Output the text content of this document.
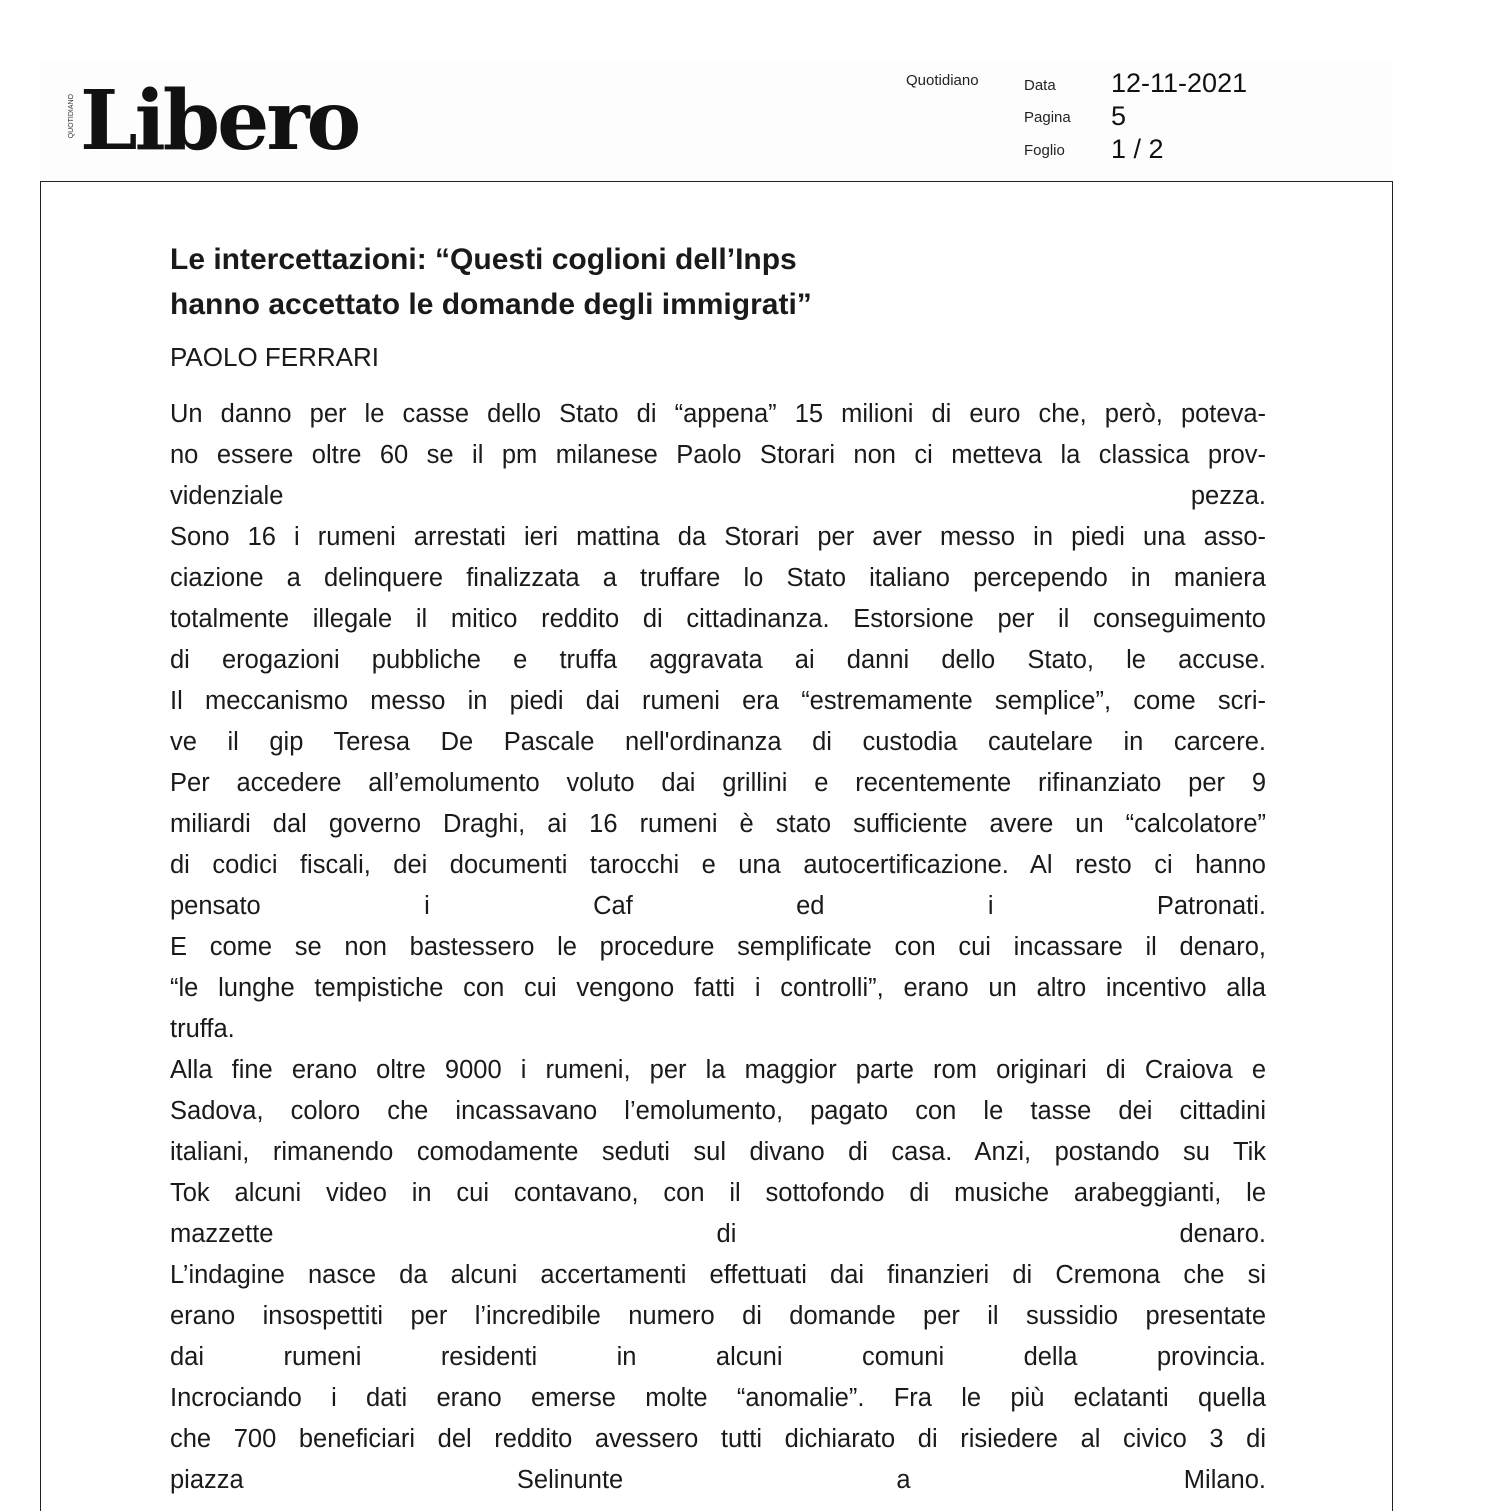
QUOTIDIANO Libero	Quotidiano	Data 12-11-2021
Pagina 5
Foglio 1 / 2
Le intercettazioni: “Questi coglioni dell’Inps
hanno accettato le domande degli immigrati”
PAOLO FERRARI
Un danno per le casse dello Stato di “appena” 15 milioni di euro che, però, poteva-
no essere oltre 60 se il pm milanese Paolo Storari non ci metteva la classica prov-
videnziale pezza.
Sono 16 i rumeni arrestati ieri mattina da Storari per aver messo in piedi una asso-
ciazione a delinquere finalizzata a truffare lo Stato italiano percependo in maniera
totalmente illegale il mitico reddito di cittadinanza. Estorsione per il conseguimento
di erogazioni pubbliche e truffa aggravata ai danni dello Stato, le accuse.
Il meccanismo messo in piedi dai rumeni era “estremamente semplice”, come scri-
ve il gip Teresa De Pascale nell'ordinanza di custodia cautelare in carcere.
Per accedere all’emolumento voluto dai grillini e recentemente rifinanziato per 9
miliardi dal governo Draghi, ai 16 rumeni è stato sufficiente avere un “calcolatore”
di codici fiscali, dei documenti tarocchi e una autocertificazione. Al resto ci hanno
pensato i Caf ed i Patronati.
E come se non bastessero le procedure semplificate con cui incassare il denaro,
“le lunghe tempistiche con cui vengono fatti i controlli”, erano un altro incentivo alla
truffa.
Alla fine erano oltre 9000 i rumeni, per la maggior parte rom originari di Craiova e
Sadova, coloro che incassavano l’emolumento, pagato con le tasse dei cittadini
italiani, rimanendo comodamente seduti sul divano di casa. Anzi, postando su Tik
Tok alcuni video in cui contavano, con il sottofondo di musiche arabeggianti, le
mazzette di denaro.
L’indagine nasce da alcuni accertamenti effettuati dai finanzieri di Cremona che si
erano insospettiti per l’incredibile numero di domande per il sussidio presentate
dai rumeni residenti in alcuni comuni della provincia.
Incrociando i dati erano emerse molte “anomalie”. Fra le più eclatanti quella
che 700 beneficiari del reddito avessero tutti dichiarato di risiedere al civico 3 di
piazza Selinunte a Milano.
